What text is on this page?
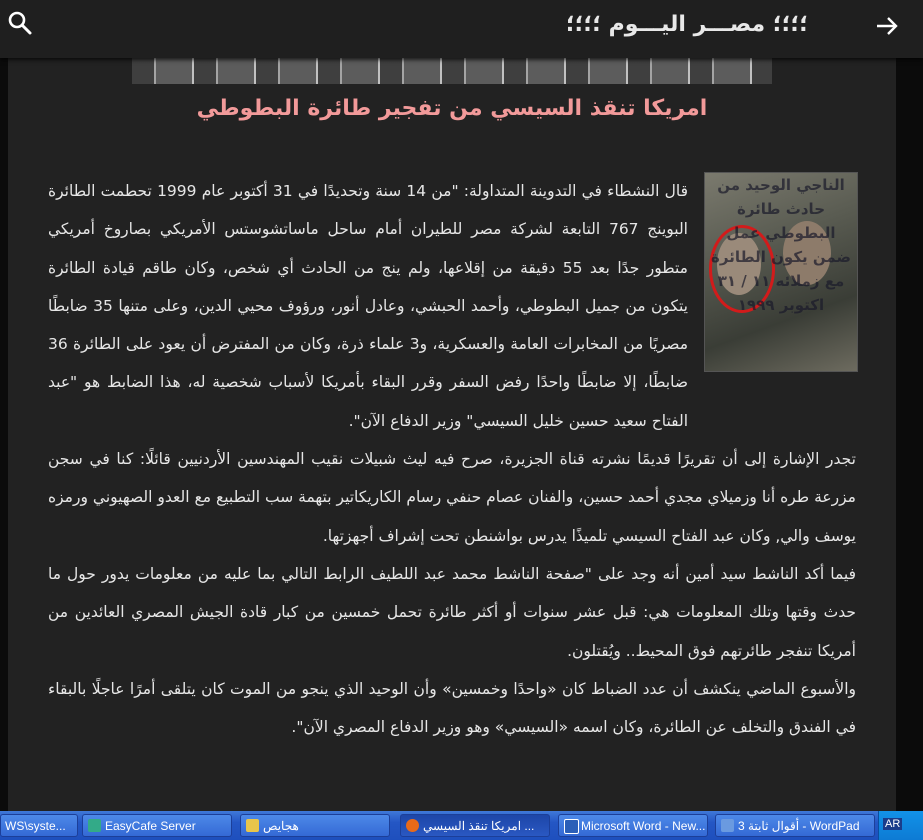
؛؛؛؛ مصـــر اليـــوم ؛؛؛؛
امريكا تنقذ السيسي من تفجير طائرة البطوطي
الناجي الوحيد من حادث طائرة البطوطي عمل ضمن يكون الطائرة مع زملائه ١١ / ٣١ اكتوبر ١٩٩٩

قال النشطاء في التدوينة المتداولة: "من 14 سنة وتحديدًا في 31 أكتوبر عام 1999 تحطمت الطائرة البوينج 767 التابعة لشركة مصر للطيران أمام ساحل ماساتشوستس الأمريكي بصاروخ أمريكي متطور جدًا بعد 55 دقيقة من إقلاعها، ولم ينج من الحادث أي شخص، وكان طاقم قيادة الطائرة يتكون من جميل البطوطي، وأحمد الحبشي، وعادل أنور، ورؤوف محيي الدين، وعلى متنها 35 ضابطًا مصريًا من المخابرات العامة والعسكرية، و3 علماء ذرة، وكان من المفترض أن يعود على الطائرة 36 ضابطًا، إلا ضابطًا واحدًا رفض السفر وقرر البقاء بأمريكا لأسباب شخصية له، هذا الضابط هو "عبد الفتاح سعيد حسين خليل السيسي" وزير الدفاع الآن".

تجدر الإشارة إلى أن تقريرًا قديمًا نشرته قناة الجزيرة، صرح فيه ليث شبيلات نقيب المهندسين الأردنيين قائلًا: كنا في سجن مزرعة طره أنا وزميلاي مجدي أحمد حسين، والفنان عصام حنفي رسام الكاريكاتير بتهمة سب التطبيع مع العدو الصهيوني ورمزه يوسف والي, وكان عبد الفتاح السيسي تلميذًا يدرس بواشنطن تحت إشراف أجهزتها.

فيما أكد الناشط سيد أمين أنه وجد على "صفحة الناشط محمد عبد اللطيف الرابط التالي بما عليه من معلومات يدور حول ما حدث وقتها وتلك المعلومات هي: قبل عشر سنوات أو أكثر طائرة تحمل خمسين من كبار قادة الجيش المصري العائدين من أمريكا تنفجر طائرتهم فوق المحيط.. ويُقتلون.

والأسبوع الماضي ينكشف أن عدد الضباط كان «واحدًا وخمسين» وأن الوحيد الذي ينجو من الموت كان يتلقى أمرًا عاجلًا بالبقاء في الفندق والتخلف عن الطائرة، وكان اسمه «السيسي» وهو وزير الدفاع المصري الآن".

WS\syste...	EasyCafe Server	هجايص	امريكا تنقذ السيسي ...	Microsoft Word - New...	3 أقوال ثابتة - WordPad	AR
